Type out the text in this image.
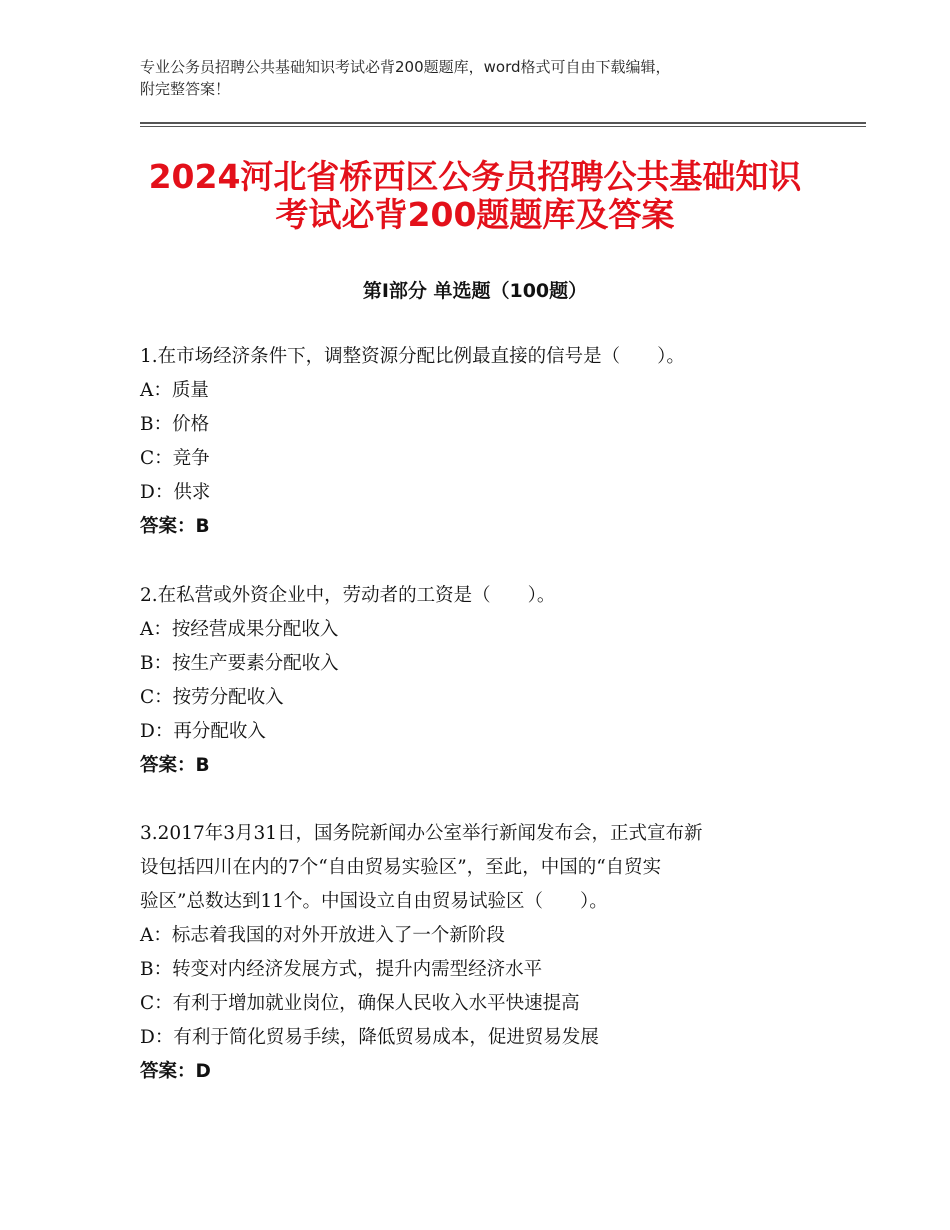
专业公务员招聘公共基础知识考试必背200题题库，word格式可自由下载编辑，
附完整答案！
2024河北省桥西区公务员招聘公共基础知识
考试必背200题题库及答案
第Ⅰ部分 单选题（100题）
1.在市场经济条件下，调整资源分配比例最直接的信号是（　　）。
A：质量
B：价格
C：竞争
D：供求
答案：B
2.在私营或外资企业中，劳动者的工资是（　　）。
A：按经营成果分配收入
B：按生产要素分配收入
C：按劳分配收入
D：再分配收入
答案：B
3.2017年3月31日，国务院新闻办公室举行新闻发布会，正式宣布新
设包括四川在内的7个“自由贸易实验区”，至此，中国的“自贸实
验区”总数达到11个。中国设立自由贸易试验区（　　）。
A：标志着我国的对外开放进入了一个新阶段
B：转变对内经济发展方式，提升内需型经济水平
C：有利于增加就业岗位，确保人民收入水平快速提高
D：有利于简化贸易手续，降低贸易成本，促进贸易发展
答案：D
